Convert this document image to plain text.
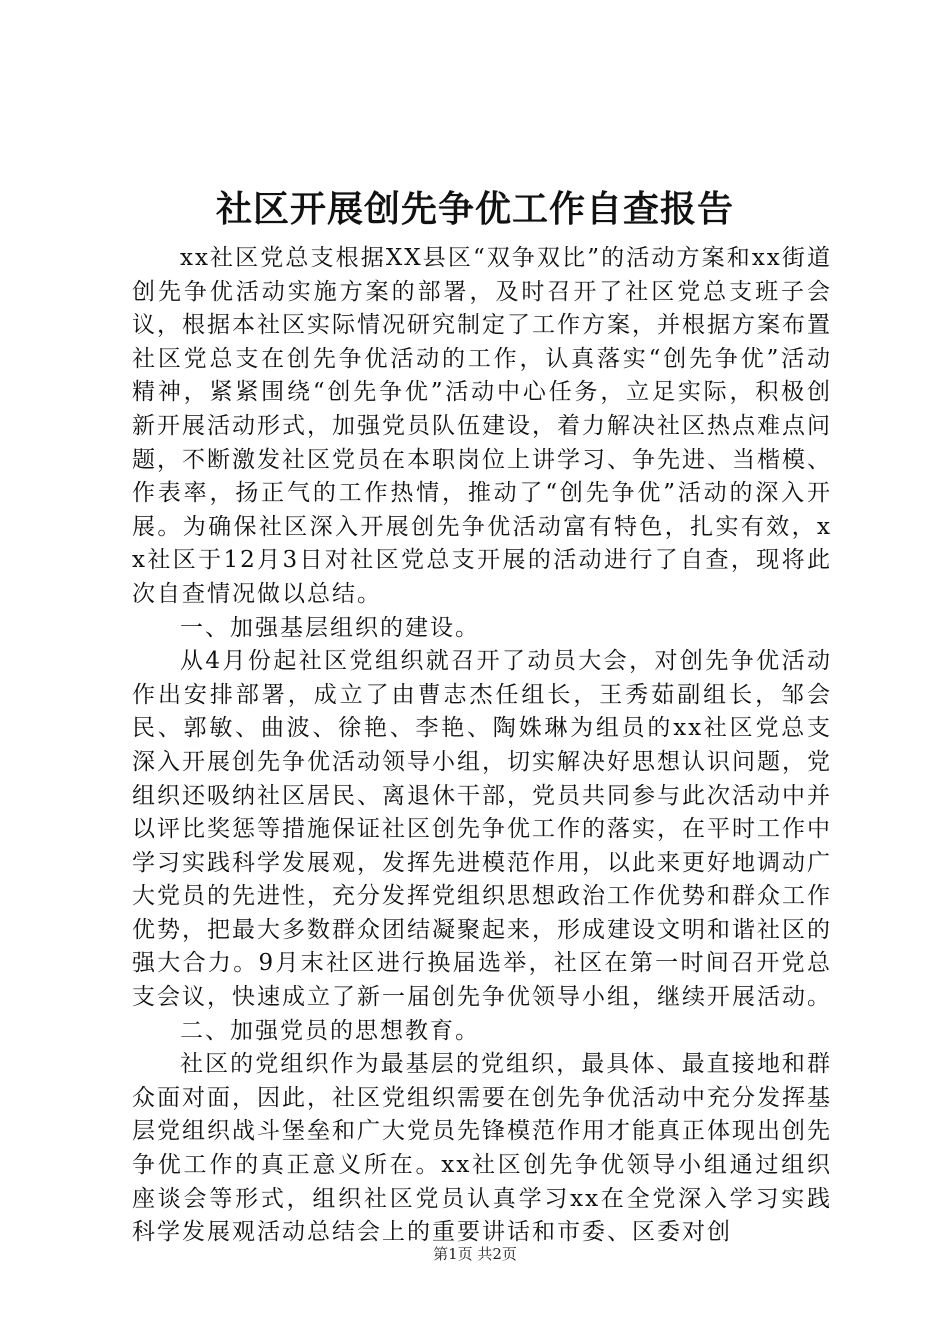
社区开展创先争优工作自查报告

xx社区党总支根据XX县区“双争双比”的活动方案和xx街道创先争优活动实施方案的部署，及时召开了社区党总支班子会议，根据本社区实际情况研究制定了工作方案，并根据方案布置社区党总支在创先争优活动的工作，认真落实“创先争优”活动精神，紧紧围绕“创先争优”活动中心任务，立足实际，积极创新开展活动形式，加强党员队伍建设，着力解决社区热点难点问题，不断激发社区党员在本职岗位上讲学习、争先进、当楷模、作表率，扬正气的工作热情，推动了“创先争优”活动的深入开展。为确保社区深入开展创先争优活动富有特色，扎实有效，xx社区于12月3日对社区党总支开展的活动进行了自查，现将此次自查情况做以总结。

一、加强基层组织的建设。

从4月份起社区党组织就召开了动员大会，对创先争优活动作出安排部署，成立了由曹志杰任组长，王秀茹副组长，邹会民、郭敏、曲波、徐艳、李艳、陶姝琳为组员的xx社区党总支深入开展创先争优活动领导小组，切实解决好思想认识问题，党组织还吸纳社区居民、离退休干部，党员共同参与此次活动中并以评比奖惩等措施保证社区创先争优工作的落实，在平时工作中学习实践科学发展观，发挥先进模范作用，以此来更好地调动广大党员的先进性，充分发挥党组织思想政治工作优势和群众工作优势，把最大多数群众团结凝聚起来，形成建设文明和谐社区的强大合力。9月末社区进行换届选举，社区在第一时间召开党总支会议，快速成立了新一届创先争优领导小组，继续开展活动。

二、加强党员的思想教育。

社区的党组织作为最基层的党组织，最具体、最直接地和群众面对面，因此，社区党组织需要在创先争优活动中充分发挥基层党组织战斗堡垒和广大党员先锋模范作用才能真正体现出创先争优工作的真正意义所在。xx社区创先争优领导小组通过组织座谈会等形式，组织社区党员认真学习xx在全党深入学习实践科学发展观活动总结会上的重要讲话和市委、区委对创

第1页 共2页
